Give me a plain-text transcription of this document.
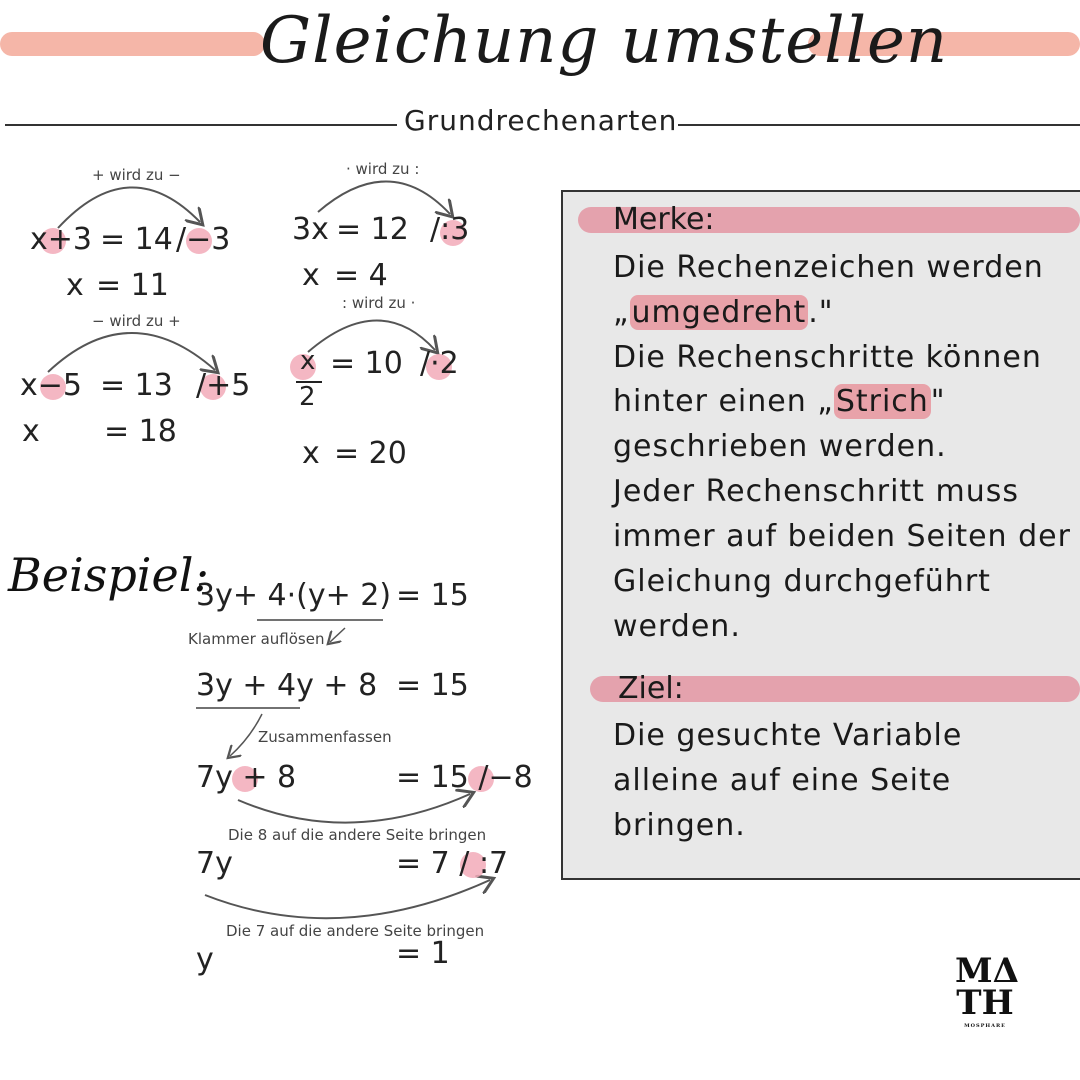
Gleichung umstellen
Grundrechenarten
+ wird zu −
x+3 = 14 /−3
x = 11
· wird zu :
3x = 12 /:3
x = 4
− wird zu +
x−5 = 13 /+5
x = 18
: wird zu ·
x
2
= 10 /·2
x = 20
Beispiel:
3y+ 4·(y+ 2) = 15
Klammer auflösen
3y + 4y + 8 = 15
Zusammenfassen
7y + 8	= 15 /−8
Die 8 auf die andere Seite bringen
7y	= 7 / :7
Die 7 auf die andere Seite bringen
y	= 1
Merke:
Die Rechenzeichen werden
„umgedreht."
Die Rechenschritte können
hinter einen „Strich"
geschrieben werden.
Jeder Rechenschritt muss
immer auf beiden Seiten der
Gleichung durchgeführt
werden.
Ziel:
Die gesuchte Variable
alleine auf eine Seite
bringen.
MΔ
TH
MOSPHARE
